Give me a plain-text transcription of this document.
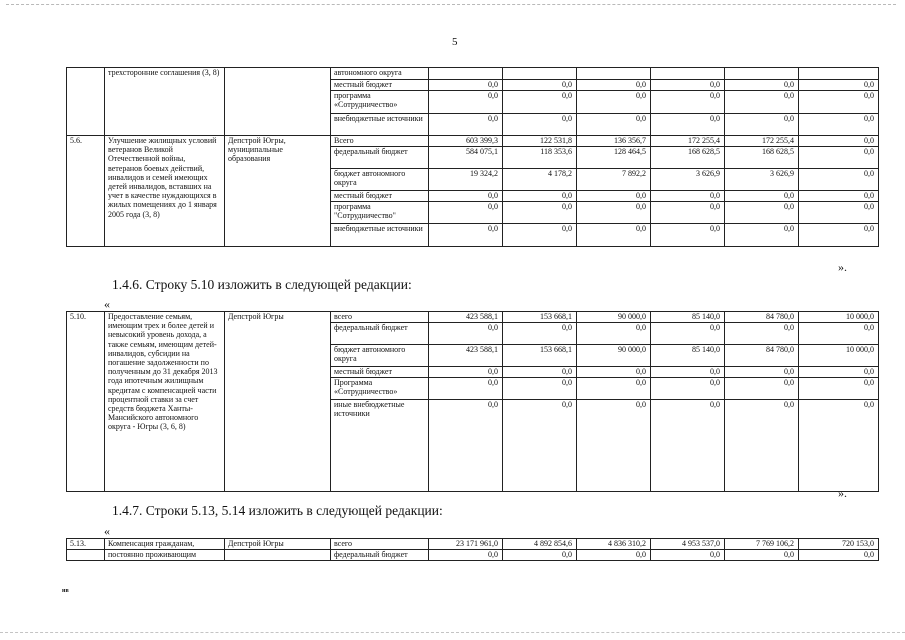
5
	трехсторонние соглашения (3, 8)		автономного округа						
			местный бюджет	0,0	0,0	0,0	0,0	0,0	0,0
			программа «Сотрудничество»	0,0	0,0	0,0	0,0	0,0	0,0
			внебюджетные источники	0,0	0,0	0,0	0,0	0,0	0,0
5.6.	Улучшение жилищных условий ветеранов Великой Отечественной войны, ветеранов боевых действий, инвалидов и семей имеющих детей инвалидов, вставших на учет в качестве нуждающихся в жилых помещениях до 1 января 2005 года (3, 8)	Депстрой Югры, муниципальные образования	Всего	603 399,3	122 531,8	136 356,7	172 255,4	172 255,4	0,0
			федеральный бюджет	584 075,1	118 353,6	128 464,5	168 628,5	168 628,5	0,0
			бюджет автономного округа	19 324,2	4 178,2	7 892,2	3 626,9	3 626,9	0,0
			местный бюджет	0,0	0,0	0,0	0,0	0,0	0,0
			программа "Сотрудничество"	0,0	0,0	0,0	0,0	0,0	0,0
			внебюджетные источники	0,0	0,0	0,0	0,0	0,0	0,0
».
1.4.6. Строку 5.10 изложить в следующей редакции:
«
5.10.	Предоставление семьям, имеющим трех и более детей и невысокий уровень дохода, а также семьям, имеющим детей-инвалидов, субсидии на погашение задолженности по полученным до 31 декабря 2013 года ипотечным жилищным кредитам с компенсацией части процентной ставки за счет средств бюджета Ханты-Мансийского автономного округа - Югры (3, 6, 8)	Депстрой Югры	всего	423 588,1	153 668,1	90 000,0	85 140,0	84 780,0	10 000,0
			федеральный бюджет	0,0	0,0	0,0	0,0	0,0	0,0
			бюджет автономного округа	423 588,1	153 668,1	90 000,0	85 140,0	84 780,0	10 000,0
			местный бюджет	0,0	0,0	0,0	0,0	0,0	0,0
			Программа «Сотрудничество»	0,0	0,0	0,0	0,0	0,0	0,0
			иные внебюджетные источники	0,0	0,0	0,0	0,0	0,0	0,0
».
1.4.7. Строки 5.13, 5.14 изложить в следующей редакции:
«
5.13.	Компенсация гражданам,	Депстрой Югры	всего	23 171 961,0	4 892 854,6	4 836 310,2	4 953 537,0	7 769 106,2	720 153,0
	постоянно проживающим		федеральный бюджет	0,0	0,0	0,0	0,0	0,0	0,0
нв
